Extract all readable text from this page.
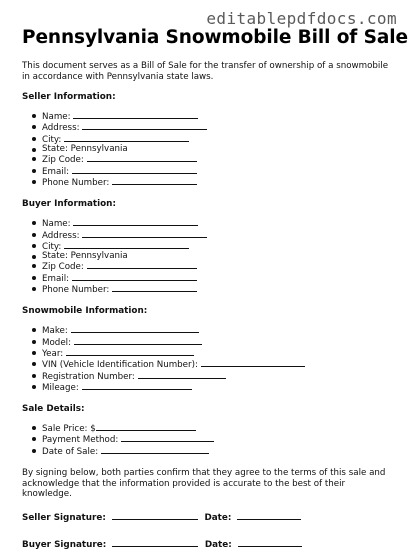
editablepdfdocs.com
Pennsylvania Snowmobile Bill of Sale

This document serves as a Bill of Sale for the transfer of ownership of a snowmobile in accordance with Pennsylvania state laws.

Seller Information:
Name:
Address:
City:
State: Pennsylvania
Zip Code:
Email:
Phone Number:
Buyer Information:
Name:
Address:
City:
State: Pennsylvania
Zip Code:
Email:
Phone Number:
Snowmobile Information:
Make:
Model:
Year:
VIN (Vehicle Identification Number):
Registration Number:
Mileage:
Sale Details:
Sale Price: $
Payment Method:
Date of Sale:

By signing below, both parties confirm that they agree to the terms of this sale and acknowledge that the information provided is accurate to the best of their knowledge.

Seller Signature:	Date:
Buyer Signature:	Date:
